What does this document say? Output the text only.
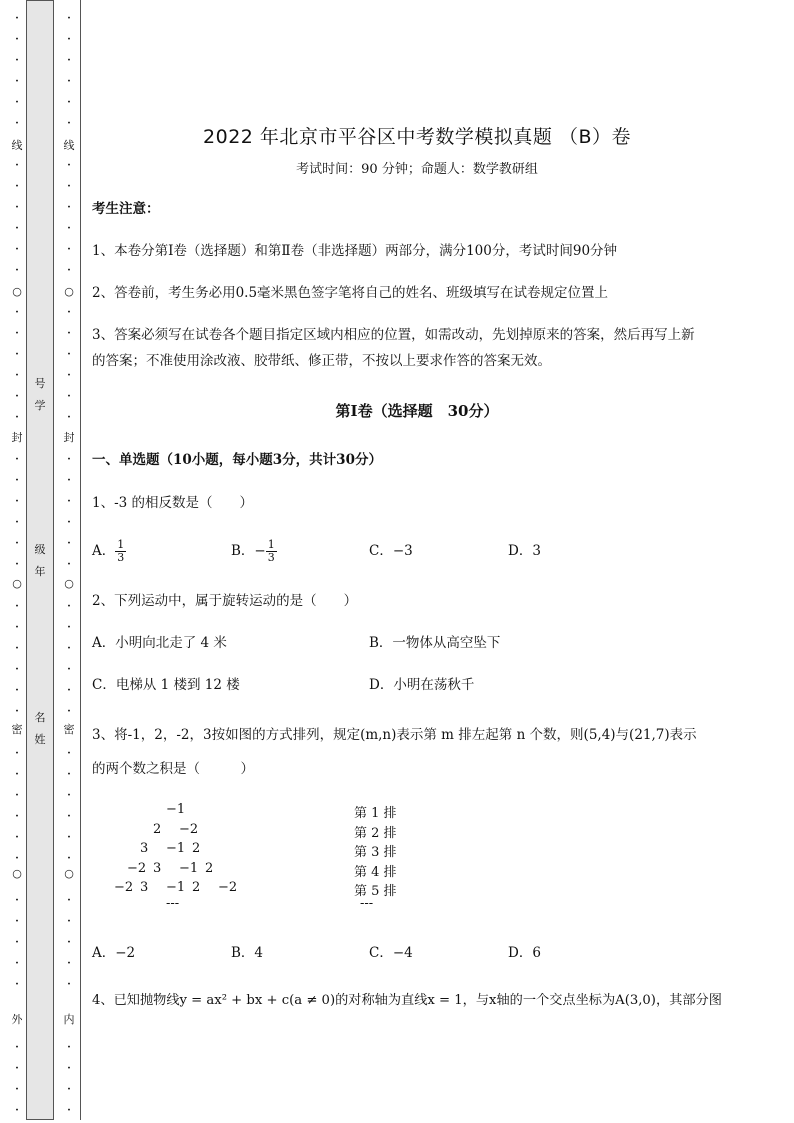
·
·
·
·
·
·
·
·
·
·
·
·
·
·
·
·
·
·
·
·
·
·
·
·
·
·
·
·
·
·
·
·
·
·
·
·
·
·
·
·
·
·
·
·
·
线
○
封
○
密
○
外
号
学
级
年
名
姓
·
·
·
·
·
·
·
·
·
·
·
·
·
·
·
·
·
·
·
·
·
·
·
·
·
·
·
·
·
·
·
·
·
·
·
·
·
·
·
·
·
·
·
·
·
线
○
封
○
密
○
内
2022 年北京市平谷区中考数学模拟真题 （B）卷
考试时间：90 分钟；命题人：数学教研组
考生注意：
1、本卷分第Ⅰ卷（选择题）和第Ⅱ卷（非选择题）两部分，满分100分，考试时间90分钟
2、答卷前，考生务必用0.5毫米黑色签字笔将自己的姓名、班级填写在试卷规定位置上
3、答案必须写在试卷各个题目指定区域内相应的位置，如需改动，先划掉原来的答案，然后再写上新
的答案；不准使用涂改液、胶带纸、修正带，不按以上要求作答的答案无效。
第Ⅰ卷（选择题　30分）
一、单选题（10小题，每小题3分，共计30分）
1、-3 的相反数是（　　）
A． $\frac{1}{3}$	B．− $\frac{1}{3}$	C．−3	D．3
2、下列运动中，属于旋转运动的是（　　）
A．小明向北走了 4 米	B．一物体从高空坠下
C．电梯从 1 楼到 12 楼	D．小明在荡秋千
3、将-1，2，-2，3按如图的方式排列，规定(m,n)表示第 m 排左起第 n 个数，则(5,4)与(21,7)表示
的两个数之积是（　　　）
−1	第 1 排
2 −2	第 2 排
3 −1 2	第 3 排
−2 3 −1 2	第 4 排
−2 3 −1 2 −2	第 5 排
---	---
A．−2	B．4	C．−4	D．6
4、已知抛物线y = ax² + bx + c(a ≠ 0)的对称轴为直线x = 1，与x轴的一个交点坐标为A(3,0)，其部分图
